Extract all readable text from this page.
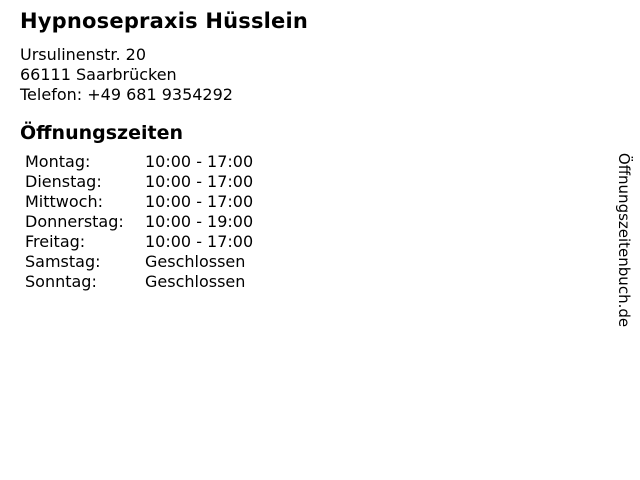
Hypnosepraxis Hüsslein
Ursulinenstr. 20
66111 Saarbrücken
Telefon: +49 681 9354292
Öffnungszeiten
Montag:	10:00 - 17:00
Dienstag:	10:00 - 17:00
Mittwoch:	10:00 - 17:00
Donnerstag:	10:00 - 19:00
Freitag:	10:00 - 17:00
Samstag:	Geschlossen
Sonntag:	Geschlossen	Öffnungszeitenbuch.de
